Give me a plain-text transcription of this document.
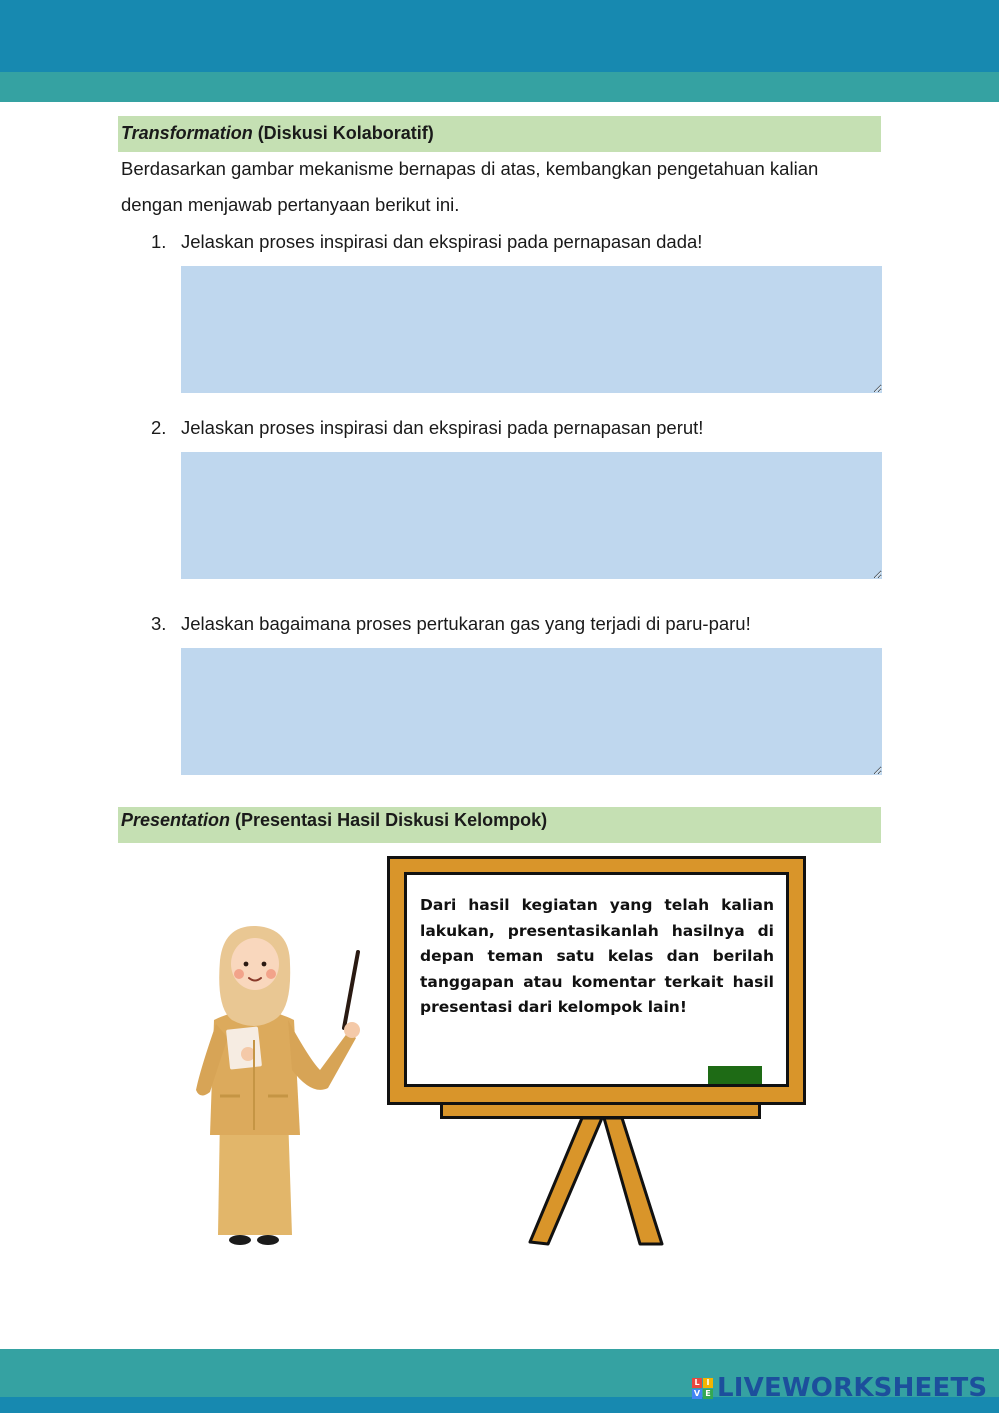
Transformation (Diskusi Kolaboratif)
Berdasarkan gambar mekanisme bernapas di atas, kembangkan pengetahuan kalian dengan menjawab pertanyaan berikut ini.
1. Jelaskan proses inspirasi dan ekspirasi pada pernapasan dada!
2. Jelaskan proses inspirasi dan ekspirasi pada pernapasan perut!
3. Jelaskan bagaimana proses pertukaran gas yang terjadi di paru-paru!
Presentation (Presentasi Hasil Diskusi Kelompok)
Dari hasil kegiatan yang telah kalian lakukan, presentasikanlah hasilnya di depan teman satu kelas dan berilah tanggapan atau komentar terkait hasil presentasi dari kelompok lain!
L I
V E LIVEWORKSHEETS
